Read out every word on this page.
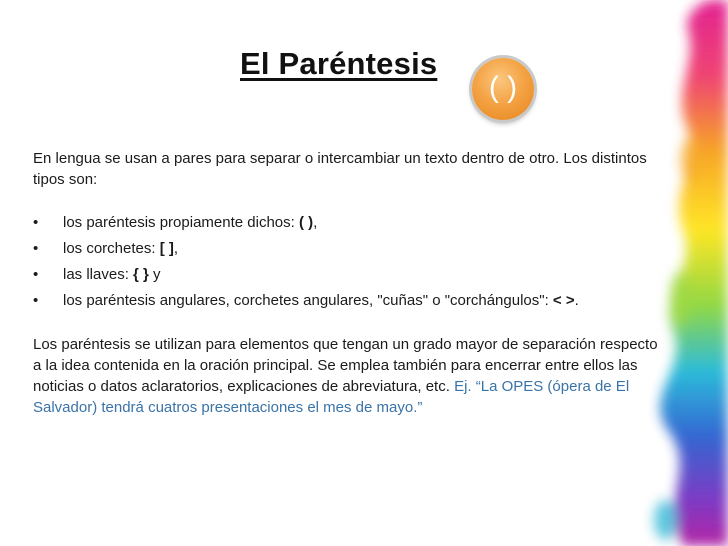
El Paréntesis
( )

En lengua se usan a pares para separar o intercambiar un texto dentro de otro. Los distintos tipos son:

• los paréntesis propiamente dichos: ( ),
• los corchetes: [ ],
• las llaves: { } y
• los paréntesis angulares, corchetes angulares, "cuñas" o "corchángulos": < >.

Los paréntesis se utilizan para elementos que tengan un grado mayor de separación respecto a la idea contenida en la oración principal. Se emplea también para encerrar entre ellos las noticias o datos aclaratorios, explicaciones de abreviatura, etc. Ej. “La OPES (ópera de El Salvador) tendrá cuatros presentaciones el mes de mayo.”
